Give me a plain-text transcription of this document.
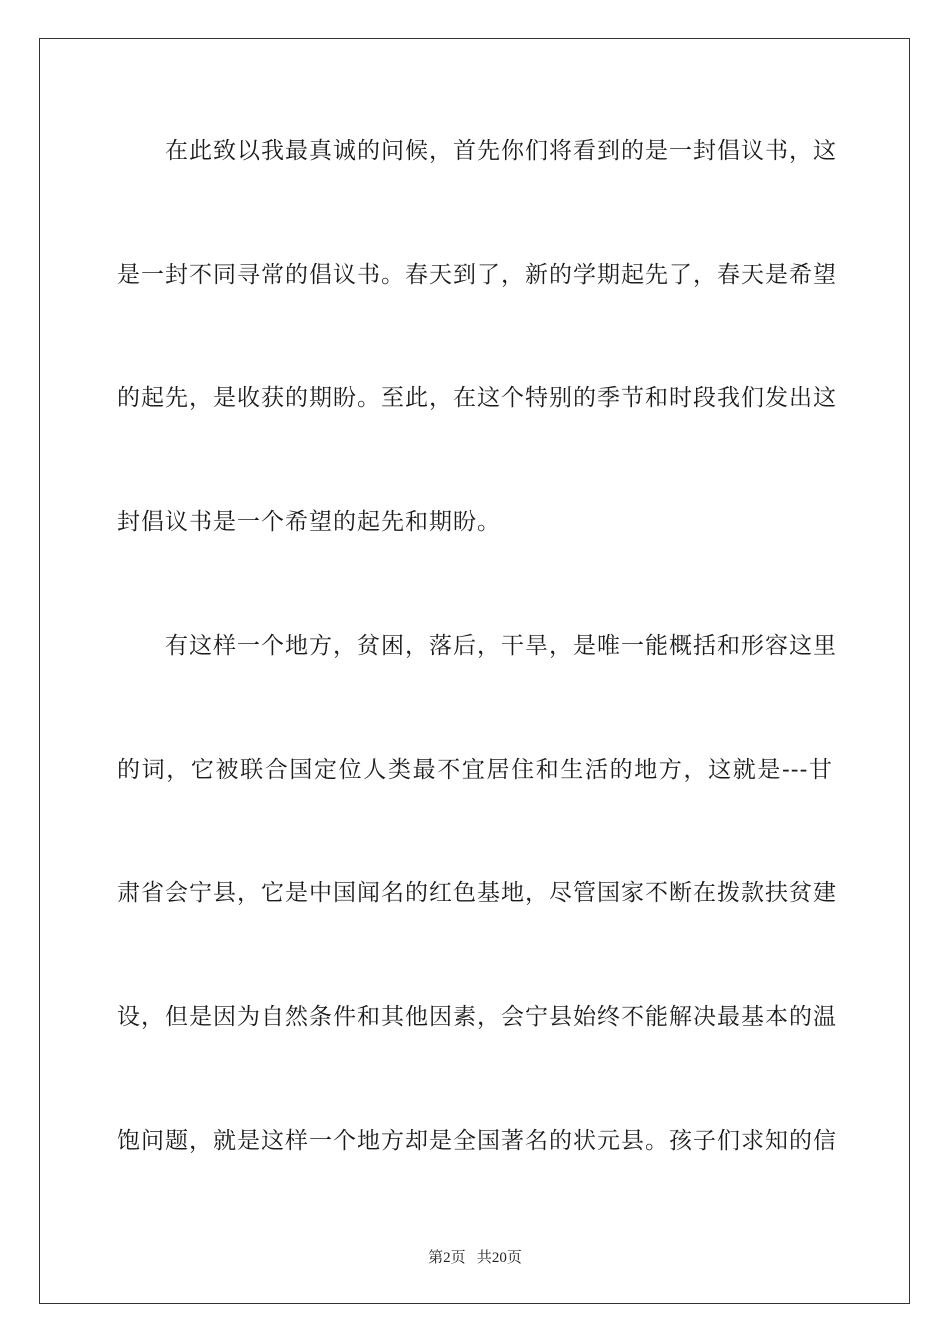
在此致以我最真诚的问候，首先你们将看到的是一封倡议书，这
是一封不同寻常的倡议书。春天到了，新的学期起先了，春天是希望
的起先，是收获的期盼。至此，在这个特别的季节和时段我们发出这
封倡议书是一个希望的起先和期盼。
有这样一个地方，贫困，落后，干旱，是唯一能概括和形容这里
的词，它被联合国定位人类最不宜居住和生活的地方，这就是---甘
肃省会宁县，它是中国闻名的红色基地，尽管国家不断在拨款扶贫建
设，但是因为自然条件和其他因素，会宁县始终不能解决最基本的温
饱问题，就是这样一个地方却是全国著名的状元县。孩子们求知的信
第2页 共20页
